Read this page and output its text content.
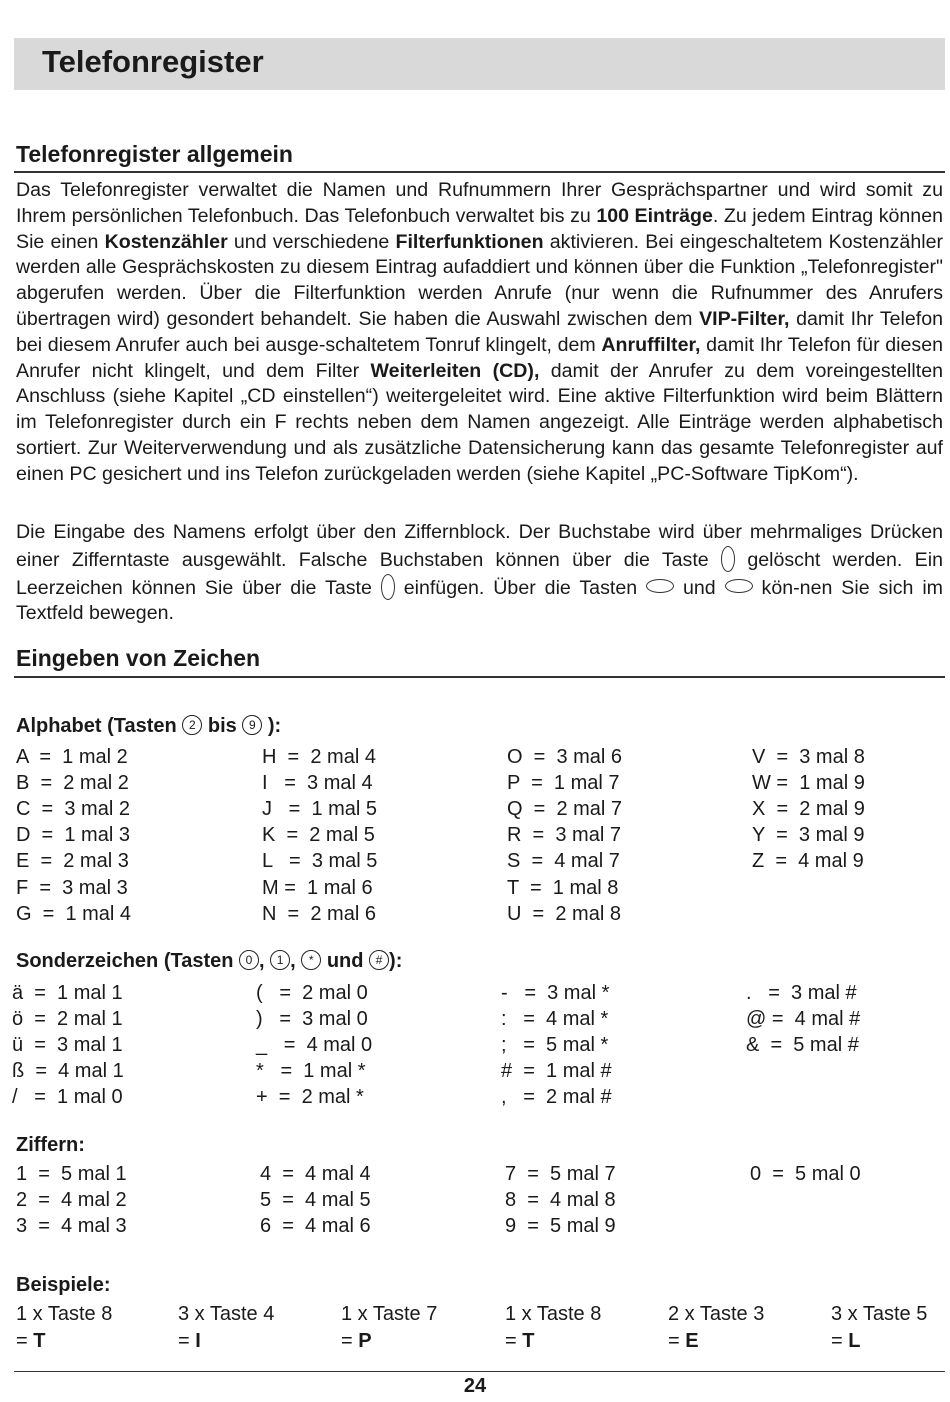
Telefonregister
Telefonregister allgemein
Das Telefonregister verwaltet die Namen und Rufnummern Ihrer Gesprächspartner und wird somit zu Ihrem persönlichen Telefonbuch. Das Telefonbuch verwaltet bis zu 100 Einträge. Zu jedem Eintrag können Sie einen Kostenzähler und verschiedene Filterfunktionen aktivieren. Bei eingeschaltetem Kostenzähler werden alle Gesprächskosten zu diesem Eintrag aufaddiert und können über die Funktion „Telefonregister" abgerufen werden. Über die Filterfunktion werden Anrufe (nur wenn die Rufnummer des Anrufers übertragen wird) gesondert behandelt. Sie haben die Auswahl zwischen dem VIP-Filter, damit Ihr Telefon bei diesem Anrufer auch bei ausge-schaltetem Tonruf klingelt, dem Anruffilter, damit Ihr Telefon für diesen Anrufer nicht klingelt, und dem Filter Weiterleiten (CD), damit der Anrufer zu dem voreingestellten Anschluss (siehe Kapitel „CD einstellen“) weitergeleitet wird. Eine aktive Filterfunktion wird beim Blättern im Telefonregister durch ein F rechts neben dem Namen angezeigt. Alle Einträge werden alphabetisch sortiert. Zur Weiterverwendung und als zusätzliche Datensicherung kann das gesamte Telefonregister auf einen PC gesichert und ins Telefon zurückgeladen werden (siehe Kapitel „PC-Software TipKom“).
Die Eingabe des Namens erfolgt über den Ziffernblock. Der Buchstabe wird über mehrmaliges Drücken einer Zifferntaste ausgewählt. Falsche Buchstaben können über die Taste  gelöscht werden. Ein Leerzeichen können Sie über die Taste  einfügen. Über die Tasten  und  kön-nen Sie sich im Textfeld bewegen.
Eingeben von Zeichen
Alphabet (Tasten 2 bis 9 ):
A  =  1 mal 2
B  =  2 mal 2
C  =  3 mal 2
D  =  1 mal 3
E  =  2 mal 3
F  =  3 mal 3
G  =  1 mal 4
H  =  2 mal 4
I   =  3 mal 4
J   =  1 mal 5
K  =  2 mal 5
L   =  3 mal 5
M =  1 mal 6
N  =  2 mal 6
O  =  3 mal 6
P  =  1 mal 7
Q  =  2 mal 7
R  =  3 mal 7
S  =  4 mal 7
T  =  1 mal 8
U  =  2 mal 8
V  =  3 mal 8
W =  1 mal 9
X  =  2 mal 9
Y  =  3 mal 9
Z  =  4 mal 9
Sonderzeichen (Tasten 0 , 1 , * und # ):
ä  =  1 mal 1
ö  =  2 mal 1
ü  =  3 mal 1
ß  =  4 mal 1
/   =  1 mal 0
(   =  2 mal 0
)   =  3 mal 0
_   =  4 mal 0
*   =  1 mal *
+  =  2 mal *
-   =  3 mal *
:   =  4 mal *
;   =  5 mal *
#  =  1 mal #
,   =  2 mal #
.   =  3 mal #
@ =  4 mal #
&  =  5 mal #
Ziffern:
1  =  5 mal 1
2  =  4 mal 2
3  =  4 mal 3
4  =  4 mal 4
5  =  4 mal 5
6  =  4 mal 6
7  =  5 mal 7
8  =  4 mal 8
9  =  5 mal 9
0  =  5 mal 0
Beispiele:
1 x Taste 8
= T
3 x Taste 4
= I
1 x Taste 7
= P
1 x Taste 8
= T
2 x Taste 3
= E
3 x Taste 5
= L
24
